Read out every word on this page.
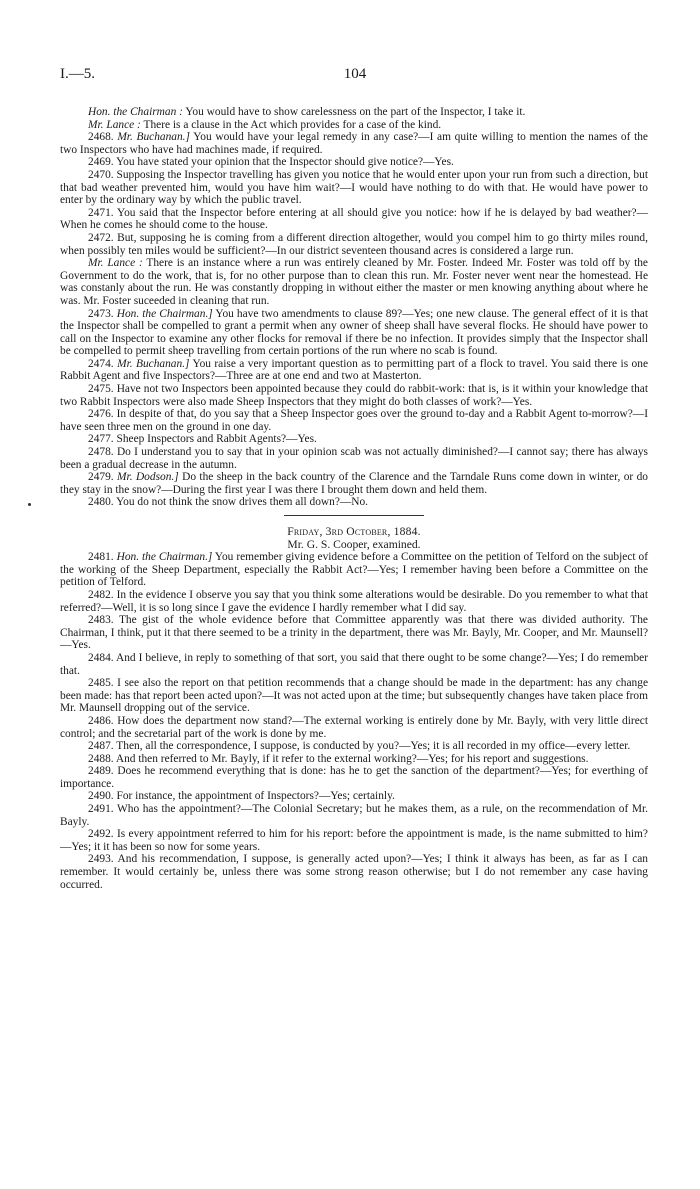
I.—5.	104

Hon. the Chairman : You would have to show carelessness on the part of the Inspector, I take it.

Mr. Lance : There is a clause in the Act which provides for a case of the kind.

2468. Mr. Buchanan.] You would have your legal remedy in any case?—I am quite willing to mention the names of the two Inspectors who have had machines made, if required.

2469. You have stated your opinion that the Inspector should give notice?—Yes.

2470. Supposing the Inspector travelling has given you notice that he would enter upon your run from such a direction, but that bad weather prevented him, would you have him wait?—I would have nothing to do with that. He would have power to enter by the ordinary way by which the public travel.

2471. You said that the Inspector before entering at all should give you notice: how if he is delayed by bad weather?—When he comes he should come to the house.

2472. But, supposing he is coming from a different direction altogether, would you compel him to go thirty miles round, when possibly ten miles would be sufficient?—In our district seventeen thousand acres is considered a large run.

Mr. Lance : There is an instance where a run was entirely cleaned by Mr. Foster. Indeed Mr. Foster was told off by the Government to do the work, that is, for no other purpose than to clean this run. Mr. Foster never went near the homestead. He was constanly about the run. He was constantly dropping in without either the master or men knowing anything about where he was. Mr. Foster suceeded in cleaning that run.

2473. Hon. the Chairman.] You have two amendments to clause 89?—Yes; one new clause. The general effect of it is that the Inspector shall be compelled to grant a permit when any owner of sheep shall have several flocks. He should have power to call on the Inspector to examine any other flocks for removal if there be no infection. It provides simply that the Inspector shall be compelled to permit sheep travelling from certain portions of the run where no scab is found.

2474. Mr. Buchanan.] You raise a very important question as to permitting part of a flock to travel. You said there is one Rabbit Agent and five Inspectors?—Three are at one end and two at Masterton.

2475. Have not two Inspectors been appointed because they could do rabbit-work: that is, is it within your knowledge that two Rabbit Inspectors were also made Sheep Inspectors that they might do both classes of work?—Yes.

2476. In despite of that, do you say that a Sheep Inspector goes over the ground to-day and a Rabbit Agent to-morrow?—I have seen three men on the ground in one day.

2477. Sheep Inspectors and Rabbit Agents?—Yes.

2478. Do I understand you to say that in your opinion scab was not actually diminished?—I cannot say; there has always been a gradual decrease in the autumn.

2479. Mr. Dodson.] Do the sheep in the back country of the Clarence and the Tarndale Runs come down in winter, or do they stay in the snow?—During the first year I was there I brought them down and held them.

2480. You do not think the snow drives them all down?—No.

Friday, 3rd October, 1884.

Mr. G. S. Cooper, examined.

2481. Hon. the Chairman.] You remember giving evidence before a Committee on the petition of Telford on the subject of the working of the Sheep Department, especially the Rabbit Act?—Yes; I remember having been before a Committee on the petition of Telford.

2482. In the evidence I observe you say that you think some alterations would be desirable. Do you remember to what that referred?—Well, it is so long since I gave the evidence I hardly remember what I did say.

2483. The gist of the whole evidence before that Committee apparently was that there was divided authority. The Chairman, I think, put it that there seemed to be a trinity in the department, there was Mr. Bayly, Mr. Cooper, and Mr. Maunsell?—Yes.

2484. And I believe, in reply to something of that sort, you said that there ought to be some change?—Yes; I do remember that.

2485. I see also the report on that petition recommends that a change should be made in the department: has any change been made: has that report been acted upon?—It was not acted upon at the time; but subsequently changes have taken place from Mr. Maunsell dropping out of the service.

2486. How does the department now stand?—The external working is entirely done by Mr. Bayly, with very little direct control; and the secretarial part of the work is done by me.

2487. Then, all the correspondence, I suppose, is conducted by you?—Yes; it is all recorded in my office—every letter.

2488. And then referred to Mr. Bayly, if it refer to the external working?—Yes; for his report and suggestions.

2489. Does he recommend everything that is done: has he to get the sanction of the department?—Yes; for everthing of importance.

2490. For instance, the appointment of Inspectors?—Yes; certainly.

2491. Who has the appointment?—The Colonial Secretary; but he makes them, as a rule, on the recommendation of Mr. Bayly.

2492. Is every appointment referred to him for his report: before the appointment is made, is the name submitted to him?—Yes; it it has been so now for some years.

2493. And his recommendation, I suppose, is generally acted upon?—Yes; I think it always has been, as far as I can remember. It would certainly be, unless there was some strong reason otherwise; but I do not remember any case having occurred.
